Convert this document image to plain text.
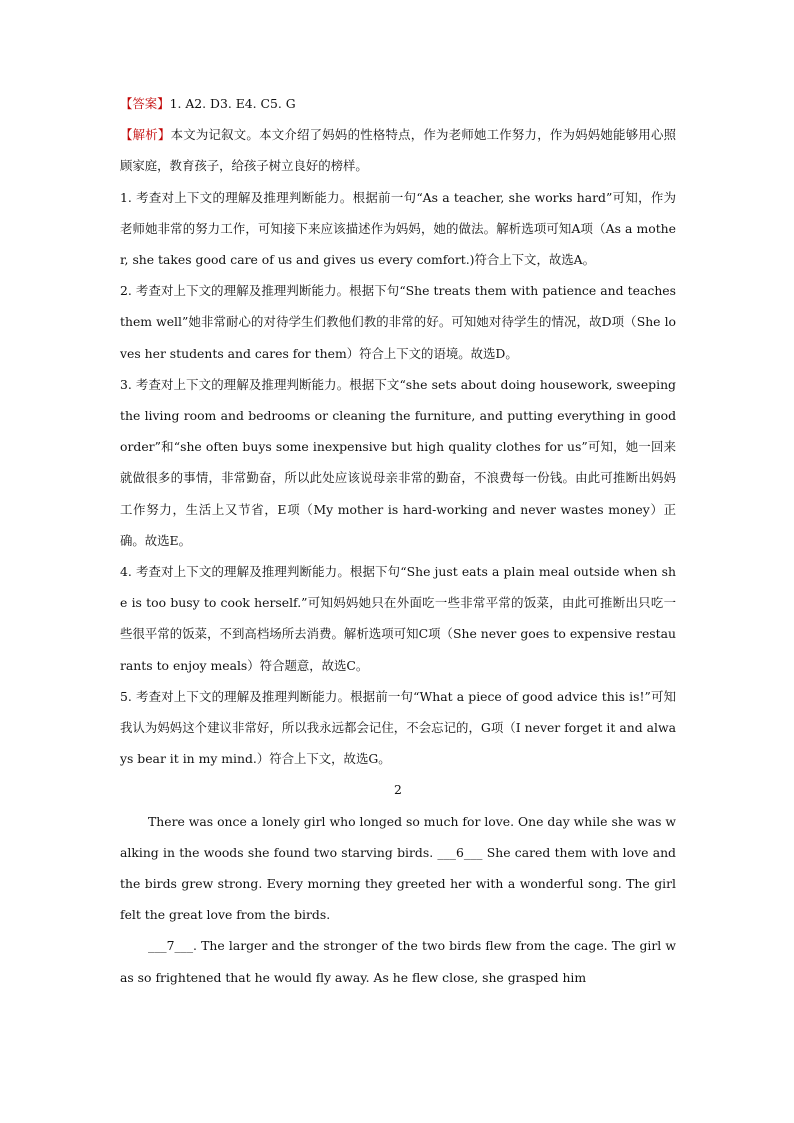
【答案】1. A2. D3. E4. C5. G

【解析】本文为记叙文。本文介绍了妈妈的性格特点，作为老师她工作努力，作为妈妈她能够用心照顾家庭，教育孩子，给孩子树立良好的榜样。

1. 考查对上下文的理解及推理判断能力。根据前一句“As a teacher, she works hard”可知，作为老师她非常的努力工作，可知接下来应该描述作为妈妈，她的做法。解析选项可知A项（As a mother, she takes good care of us and gives us every comfort.)符合上下文，故选A。

2. 考查对上下文的理解及推理判断能力。根据下句“She treats them with patience and teaches them well”她非常耐心的对待学生们教他们教的非常的好。可知她对待学生的情况，故D项（She loves her students and cares for them）符合上下文的语境。故选D。

3. 考查对上下文的理解及推理判断能力。根据下文“she sets about doing housework, sweeping the living room and bedrooms or cleaning the furniture, and putting everything in good order”和“she often buys some inexpensive but high quality clothes for us”可知，她一回来就做很多的事情，非常勤奋，所以此处应该说母亲非常的勤奋，不浪费每一份钱。由此可推断出妈妈工作努力，生活上又节省，E项（My mother is hard-working and never wastes money）正确。故选E。

4. 考查对上下文的理解及推理判断能力。根据下句“She just eats a plain meal outside when she is too busy to cook herself.”可知妈妈她只在外面吃一些非常平常的饭菜，由此可推断出只吃一些很平常的饭菜，不到高档场所去消费。解析选项可知C项（She never goes to expensive restaurants to enjoy meals）符合题意，故选C。

5. 考查对上下文的理解及推理判断能力。根据前一句“What a piece of good advice this is!”可知我认为妈妈这个建议非常好，所以我永远都会记住，不会忘记的，G项（I never forget it and always bear it in my mind.）符合上下文，故选G。

2

There was once a lonely girl who longed so much for love. One day while she was walking in the woods she found two starving birds. ___6___ She cared them with love and the birds grew strong. Every morning they greeted her with a wonderful song. The girl felt the great love from the birds.

___7___. The larger and the stronger of the two birds flew from the cage. The girl was so frightened that he would fly away. As he flew close, she grasped him
